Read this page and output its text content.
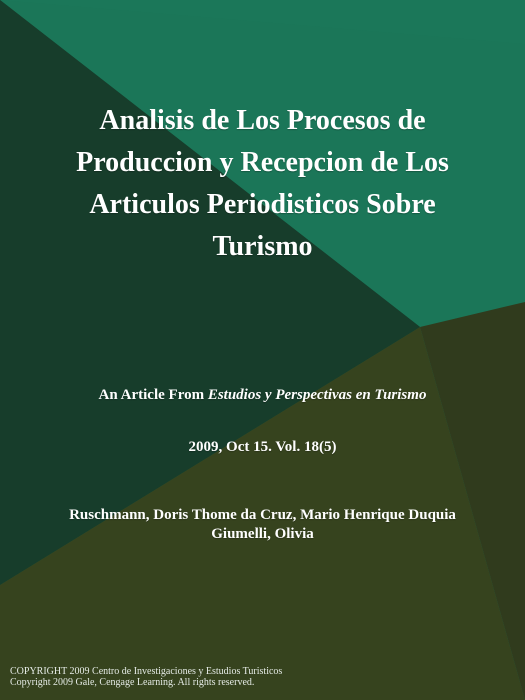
Analisis de Los Procesos de
Produccion y Recepcion de Los
Articulos Periodisticos Sobre
Turismo
An Article From Estudios y Perspectivas en Turismo
2009, Oct 15. Vol. 18(5)
Ruschmann, Doris Thome da Cruz, Mario Henrique Duquia
Giumelli, Olivia
COPYRIGHT 2009 Centro de Investigaciones y Estudios Turisticos
Copyright 2009 Gale, Cengage Learning. All rights reserved.
